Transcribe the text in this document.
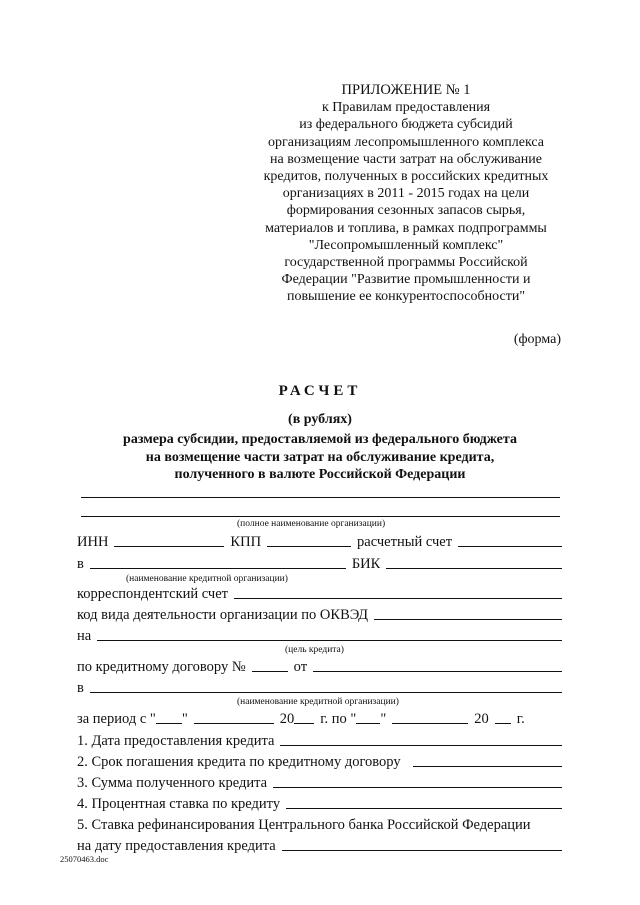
ПРИЛОЖЕНИЕ № 1
к Правилам предоставления
из федерального бюджета субсидий
организациям лесопромышленного комплекса
на возмещение части затрат на обслуживание
кредитов, полученных в российских кредитных
организациях в 2011 - 2015 годах на цели
формирования сезонных запасов сырья,
материалов и топлива, в рамках подпрограммы
"Лесопромышленный комплекс"
государственной программы Российской
Федерации "Развитие промышленности и
повышение ее конкурентоспособности"
(форма)
РАСЧЕТ
(в рублях)
размера субсидии, предоставляемой из федерального бюджета
на возмещение части затрат на обслуживание кредита,
полученного в валюте Российской Федерации
(полное наименование организации)
ИНН	КПП	расчетный счет
в	БИК
(наименование кредитной организации)
корреспондентский счет
код вида деятельности организации по ОКВЭД
на
(цель кредита)
по кредитному договору №	от
в
(наименование кредитной организации)
за период с " "	20 г. по " "	20 г.
1. Дата предоставления кредита
2. Срок погашения кредита по кредитному договору
3. Сумма полученного кредита
4. Процентная ставка по кредиту
5. Ставка рефинансирования Центрального банка Российской Федерации
на дату предоставления кредита
25070463.doc
